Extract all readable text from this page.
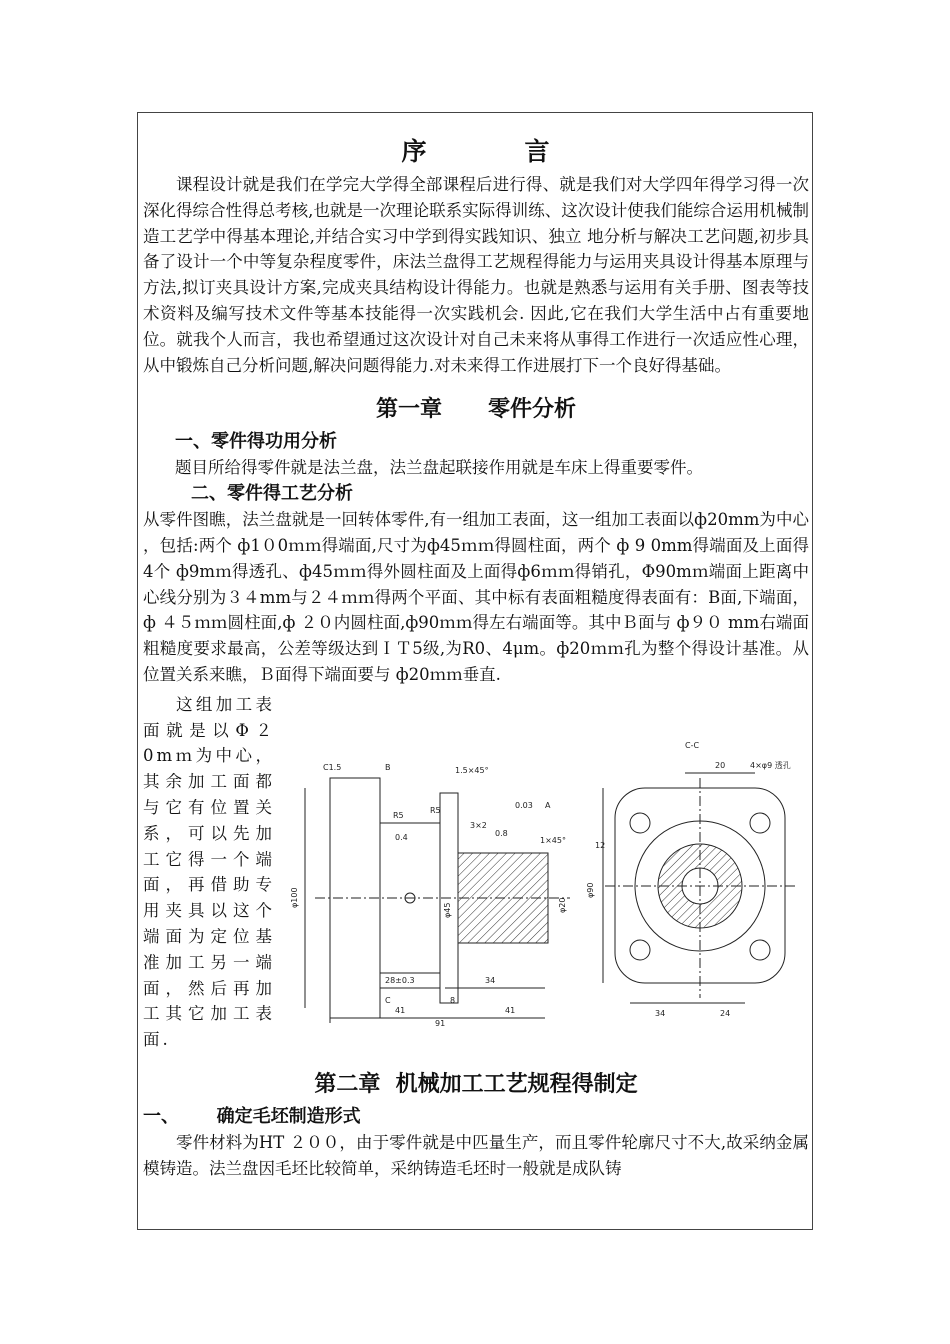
序          言

课程设计就是我们在学完大学得全部课程后进行得、就是我们对大学四年得学习得一次深化得综合性得总考核,也就是一次理论联系实际得训练、这次设计使我们能综合运用机械制造工艺学中得基本理论,并结合实习中学到得实践知识、独立 地分析与解决工艺问题,初步具备了设计一个中等复杂程度零件，床法兰盘得工艺规程得能力与运用夹具设计得基本原理与方法,拟订夹具设计方案,完成夹具结构设计得能力。也就是熟悉与运用有关手册、图表等技术资料及编写技术文件等基本技能得一次实践机会. 因此,它在我们大学生活中占有重要地位。就我个人而言，我也希望通过这次设计对自己未来将从事得工作进行一次适应性心理，从中锻炼自己分析问题,解决问题得能力.对未来得工作进展打下一个良好得基础。

第一章      零件分析
一、零件得功用分析

题目所给得零件就是法兰盘，法兰盘起联接作用就是车床上得重要零件。

二、零件得工艺分析

从零件图瞧，法兰盘就是一回转体零件,有一组加工表面，这一组加工表面以ф20mm为中心 ，包括:两个 ф1０0ｍｍ得端面,尺寸为ф45ｍｍ得圆柱面，两个 ф 9 0mm得端面及上面得4个 ф9mｍ得透孔、ф45ｍｍ得外圆柱面及上面得ф6ｍｍ得销孔，Φ90mｍ端面上距离中心线分别为３４mm与２４ｍｍ得两个平面、其中标有表面粗糙度得表面有：B面,下端面，ф ４５ｍｍ圆柱面,ф ２０内圆柱面,ф90ｍｍ得左右端面等。其中Ｂ面与 ф９０ mm右端面粗糙度要求最高，公差等级达到ＩＴ5级,为R0、4μm。ф20ｍｍ孔为整个得设计基准。从位置关系来瞧，Ｂ面得下端面要与 ф20ｍｍ垂直.

这组加工表面就是以Φ２0mｍ为中心，其余加工面都与它有位置关系，可以先加工它得一个端面，再借助专用夹具以这个端面为定位基准加工另一端面，然后再加工其它加工表面.
C1.5	B	1.5×45°
R5
R5
3×2
1×45°
0.03 A
0.4	0.8
φ100
φ45	φ20
28±0.3	34
41
8
41
91
C
C-C
4×φ9 透孔
20
12
φ90
34	24
第二章  机械加工工艺规程得制定
一、      确定毛坯制造形式

零件材料为HT ２００，由于零件就是中匹量生产，而且零件轮廓尺寸不大,故采纳金属模铸造。法兰盘因毛坯比较简单，采纳铸造毛坯时一般就是成队铸
